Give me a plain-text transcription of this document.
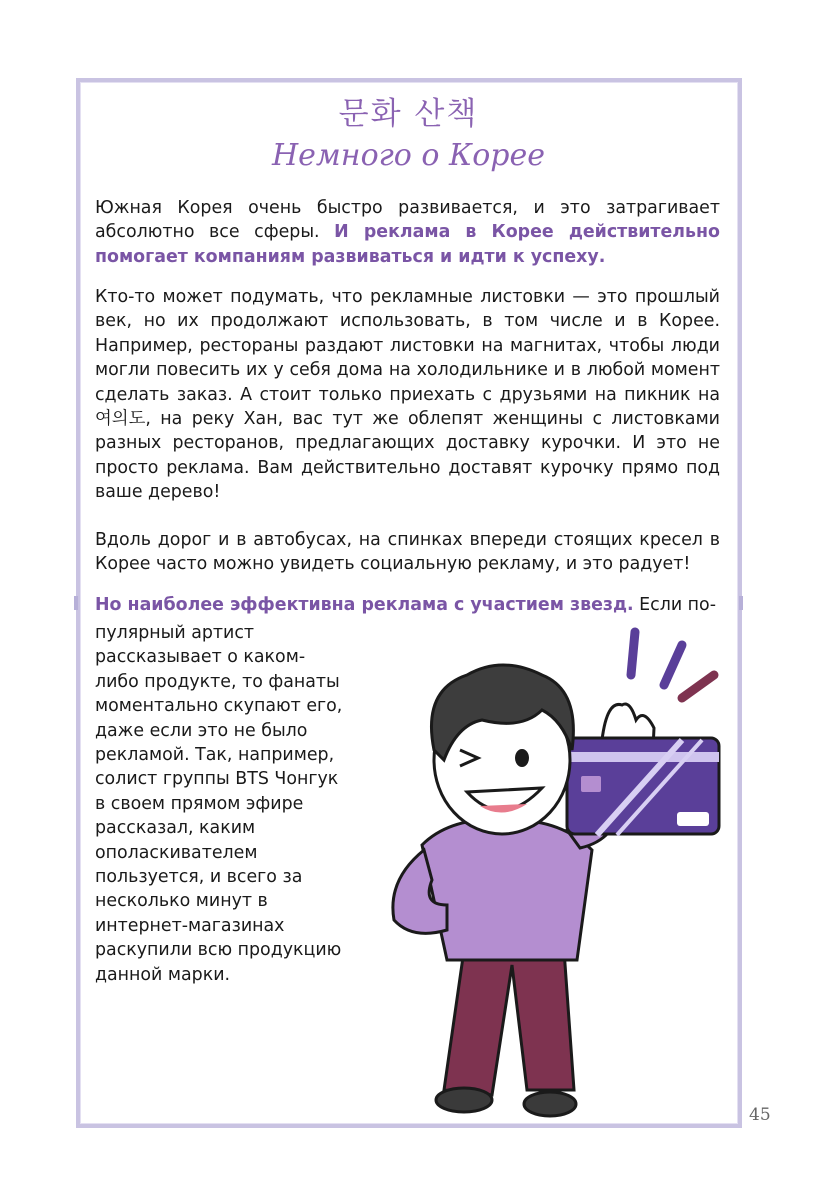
문화 산책
Немного о Корее

Южная Корея очень быстро развивается, и это затрагивает абсолютно все сферы. И реклама в Корее действительно помогает компаниям развиваться и идти к успеху.

Кто-то может подумать, что рекламные листовки — это прошлый век, но их продолжают использовать, в том числе и в Корее. Например, рестораны раздают листовки на магнитах, чтобы люди могли повесить их у себя дома на холодильнике и в любой момент сделать заказ. А стоит только приехать с друзьями на пикник на 여의도, на реку Хан, вас тут же облепят женщины с листовками разных ресторанов, предлагающих доставку курочки. И это не просто реклама. Вам действительно доставят курочку прямо под ваше дерево!

Вдоль дорог и в автобусах, на спинках впереди стоящих кресел в Корее часто можно увидеть социальную рекламу, и это радует!

Но наиболее эффективна реклама с участием звезд. Если по-

пулярный артист рассказывает о каком-либо продукте, то фанаты моментально скупают его, даже если это не было рекламой. Так, например, солист группы BTS Чонгук в своем прямом эфире рассказал, каким ополаскивателем пользуется, и всего за несколько минут в интернет-магазинах раскупили всю продукцию данной марки.
45
